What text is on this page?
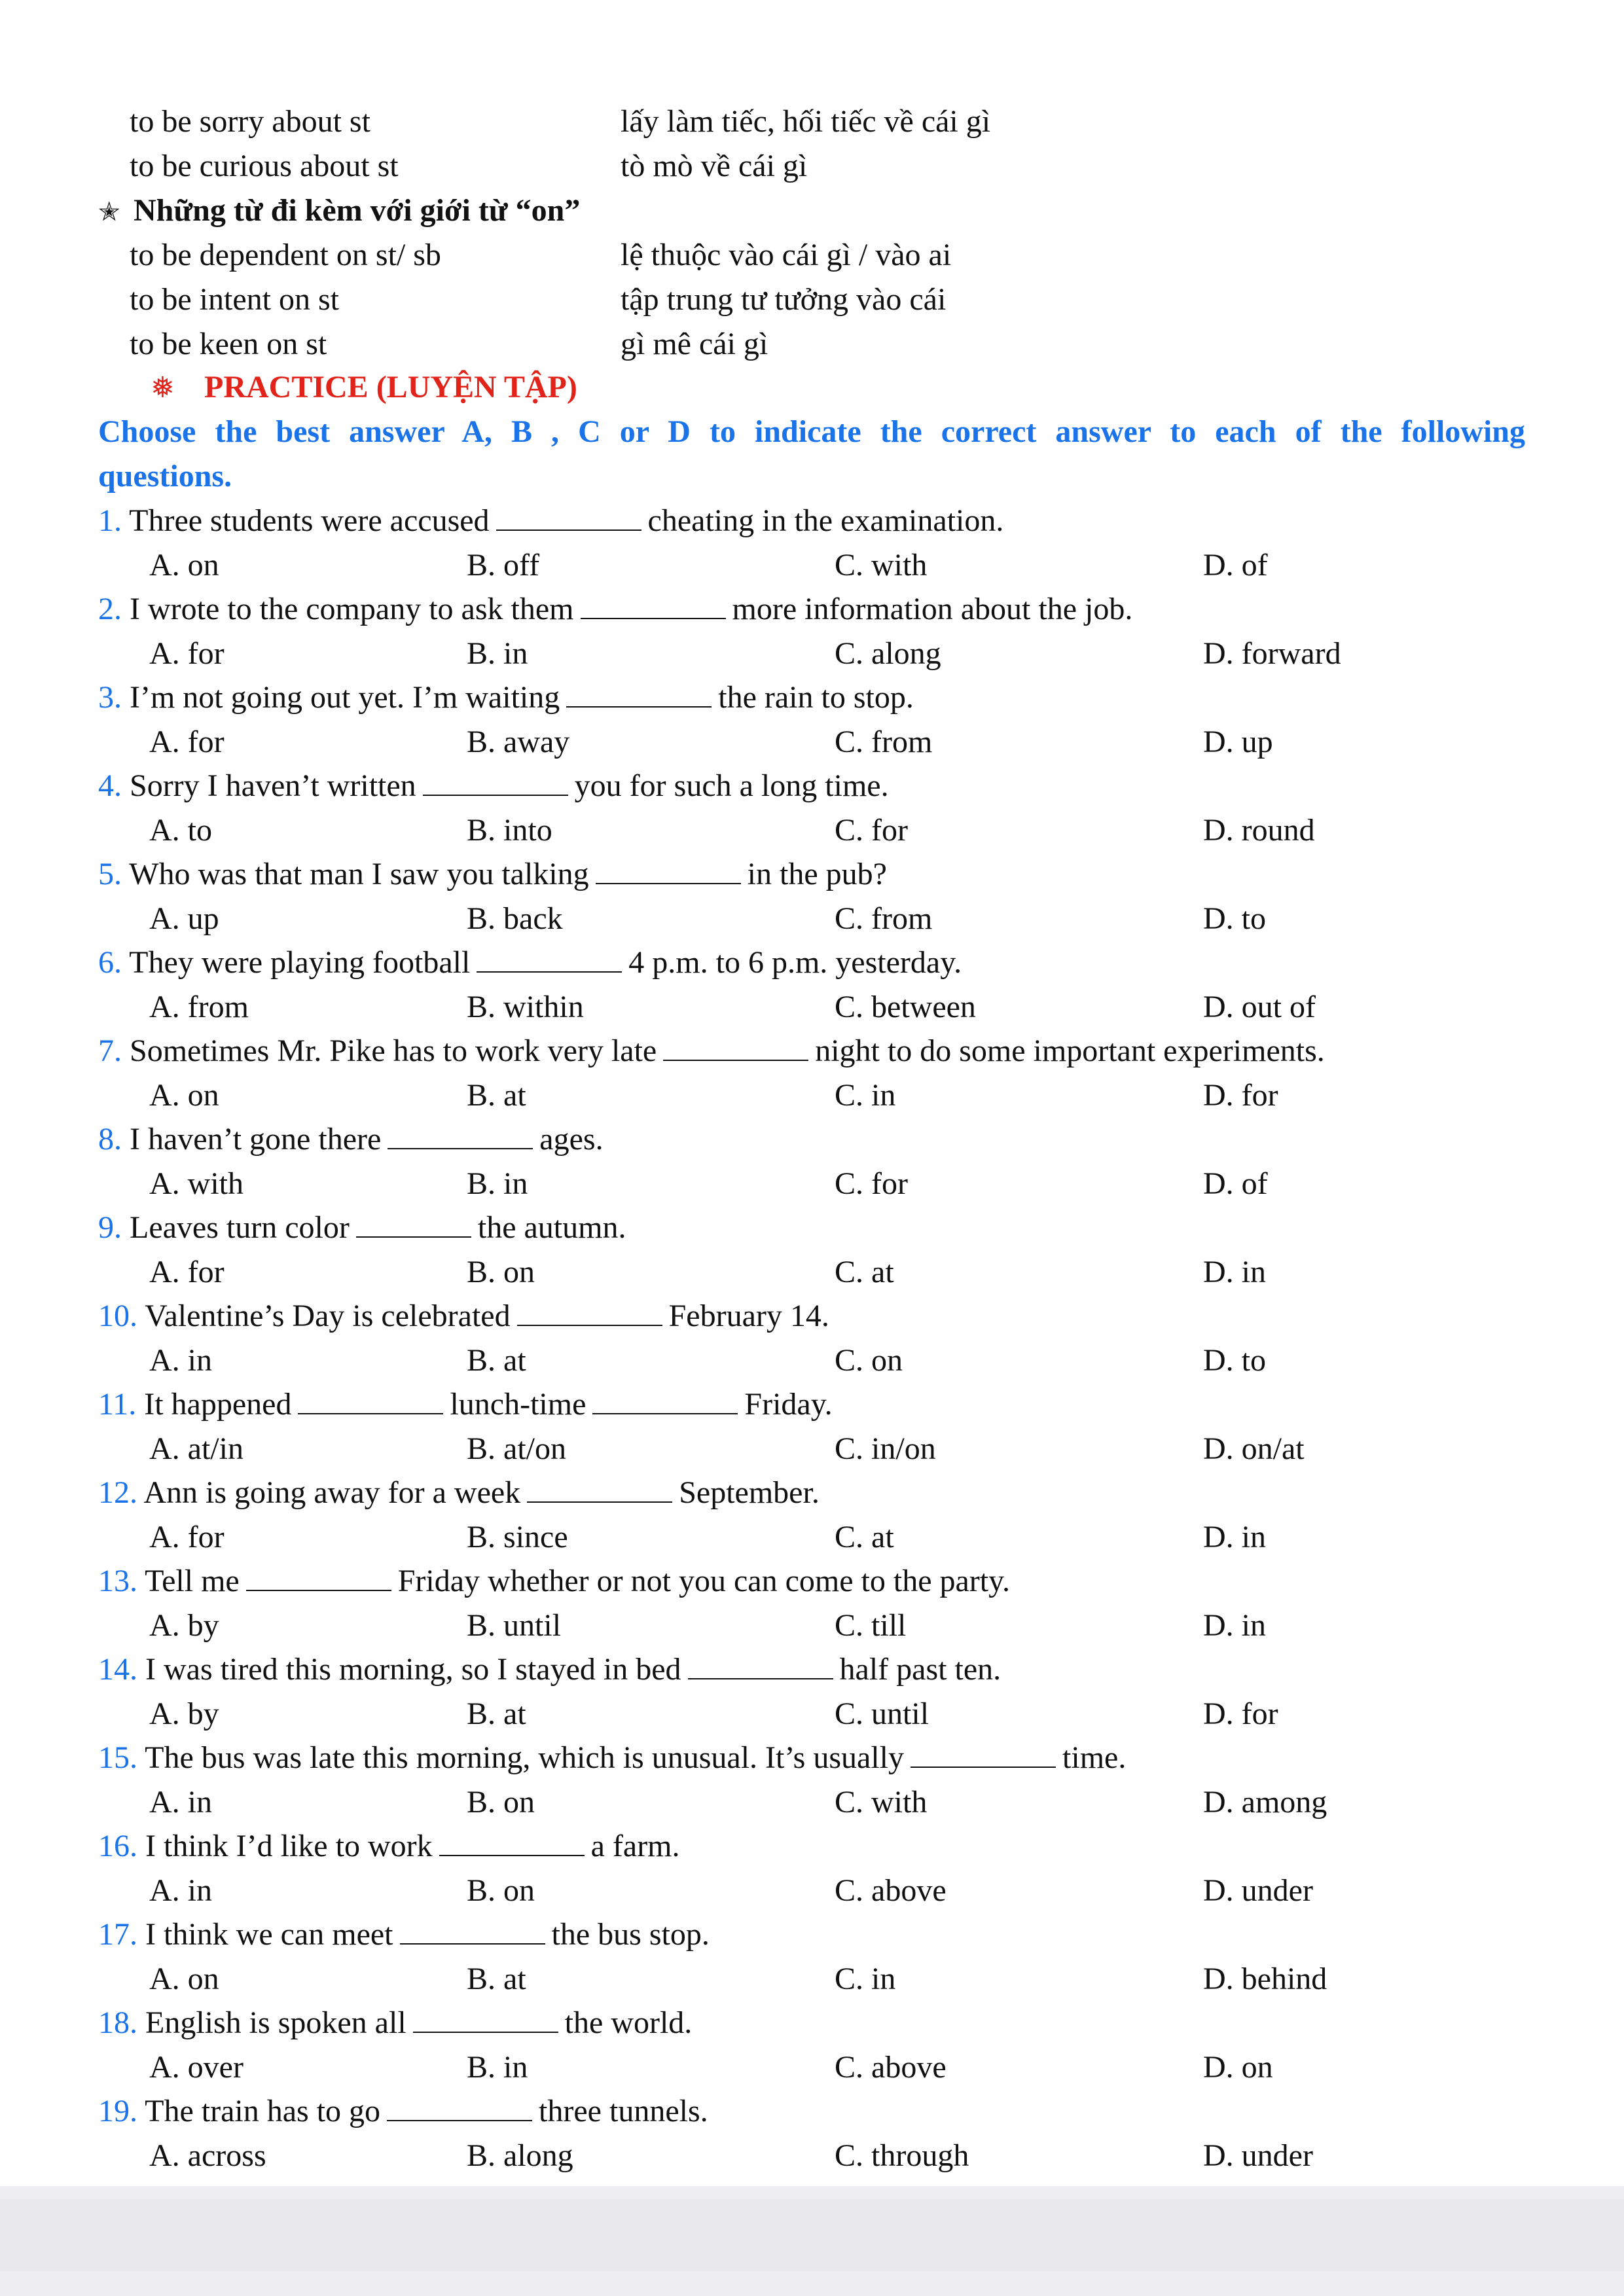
to be sorry about st	lấy làm tiếc, hối tiếc về cái gì
to be curious about st	tò mò về cái gì
✭ Những từ đi kèm với giới từ “on”
to be dependent on st/ sb	lệ thuộc vào cái gì / vào ai
to be intent on st	tập trung tư tưởng vào cái
to be keen on st	gì mê cái gì
❅ PRACTICE (LUYỆN TẬP)
Choose the best answer A, B , C or D to indicate the correct answer to each of the following
questions.
1. Three students were accused	cheating in the examination.
A. on	B. off	C. with	D. of
2. I wrote to the company to ask them	more information about the job.
A. for	B. in	C. along	D. forward
3. I’m not going out yet. I’m waiting	the rain to stop.
A. for	B. away	C. from	D. up
4. Sorry I haven’t written	you for such a long time.
A. to	B. into	C. for	D. round
5. Who was that man I saw you talking	in the pub?
A. up	B. back	C. from	D. to
6. They were playing football	4 p.m. to 6 p.m. yesterday.
A. from	B. within	C. between	D. out of
7. Sometimes Mr. Pike has to work very late	night to do some important experiments.
A. on	B. at	C. in	D. for
8. I haven’t gone there	ages.
A. with	B. in	C. for	D. of
9. Leaves turn color	the autumn.
A. for	B. on	C. at	D. in
10. Valentine’s Day is celebrated	February 14.
A. in	B. at	C. on	D. to
11. It happened	lunch-time	Friday.
A. at/in	B. at/on	C. in/on	D. on/at
12. Ann is going away for a week	September.
A. for	B. since	C. at	D. in
13. Tell me	Friday whether or not you can come to the party.
A. by	B. until	C. till	D. in
14. I was tired this morning, so I stayed in bed	half past ten.
A. by	B. at	C. until	D. for
15. The bus was late this morning, which is unusual. It’s usually	time.
A. in	B. on	C. with	D. among
16. I think I’d like to work	a farm.
A. in	B. on	C. above	D. under
17. I think we can meet	the bus stop.
A. on	B. at	C. in	D. behind
18. English is spoken all	the world.
A. over	B. in	C. above	D. on
19. The train has to go	three tunnels.
A. across	B. along	C. through	D. under
